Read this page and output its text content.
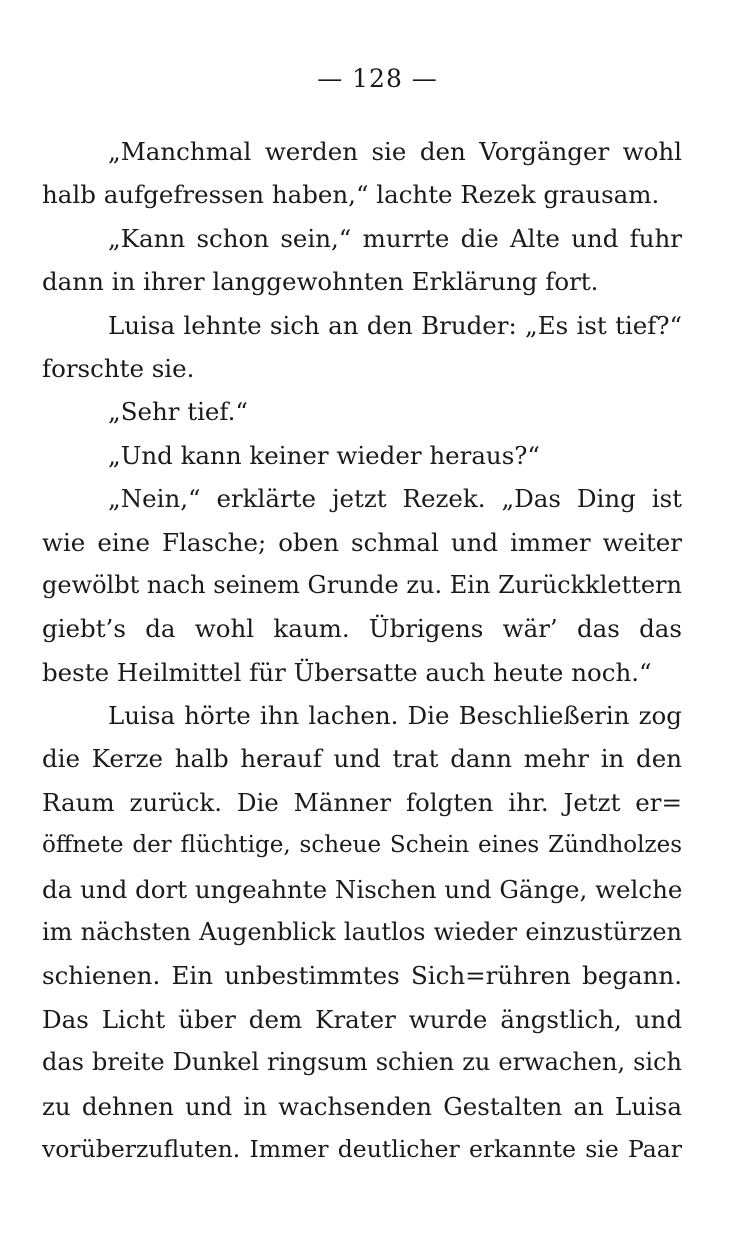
— 128 —
„Manchmal werden sie den Vorgänger wohl
halb aufgefressen haben,“ lachte Rezek grausam.
„Kann schon sein,“ murrte die Alte und fuhr
dann in ihrer langgewohnten Erklärung fort.
Luisa lehnte sich an den Bruder: „Es ist tief?“
forschte sie.
„Sehr tief.“
„Und kann keiner wieder heraus?“
„Nein,“ erklärte jetzt Rezek. „Das Ding ist
wie eine Flasche; oben schmal und immer weiter
gewölbt nach seinem Grunde zu. Ein Zurückklettern
giebt’s da wohl kaum. Übrigens wär’ das das
beste Heilmittel für Übersatte auch heute noch.“
Luisa hörte ihn lachen. Die Beschließerin zog
die Kerze halb herauf und trat dann mehr in den
Raum zurück. Die Männer folgten ihr. Jetzt er=
öffnete der flüchtige, scheue Schein eines Zündholzes
da und dort ungeahnte Nischen und Gänge, welche
im nächsten Augenblick lautlos wieder einzustürzen
schienen. Ein unbestimmtes Sich=rühren begann.
Das Licht über dem Krater wurde ängstlich, und
das breite Dunkel ringsum schien zu erwachen, sich
zu dehnen und in wachsenden Gestalten an Luisa
vorüberzufluten. Immer deutlicher erkannte sie Paar
